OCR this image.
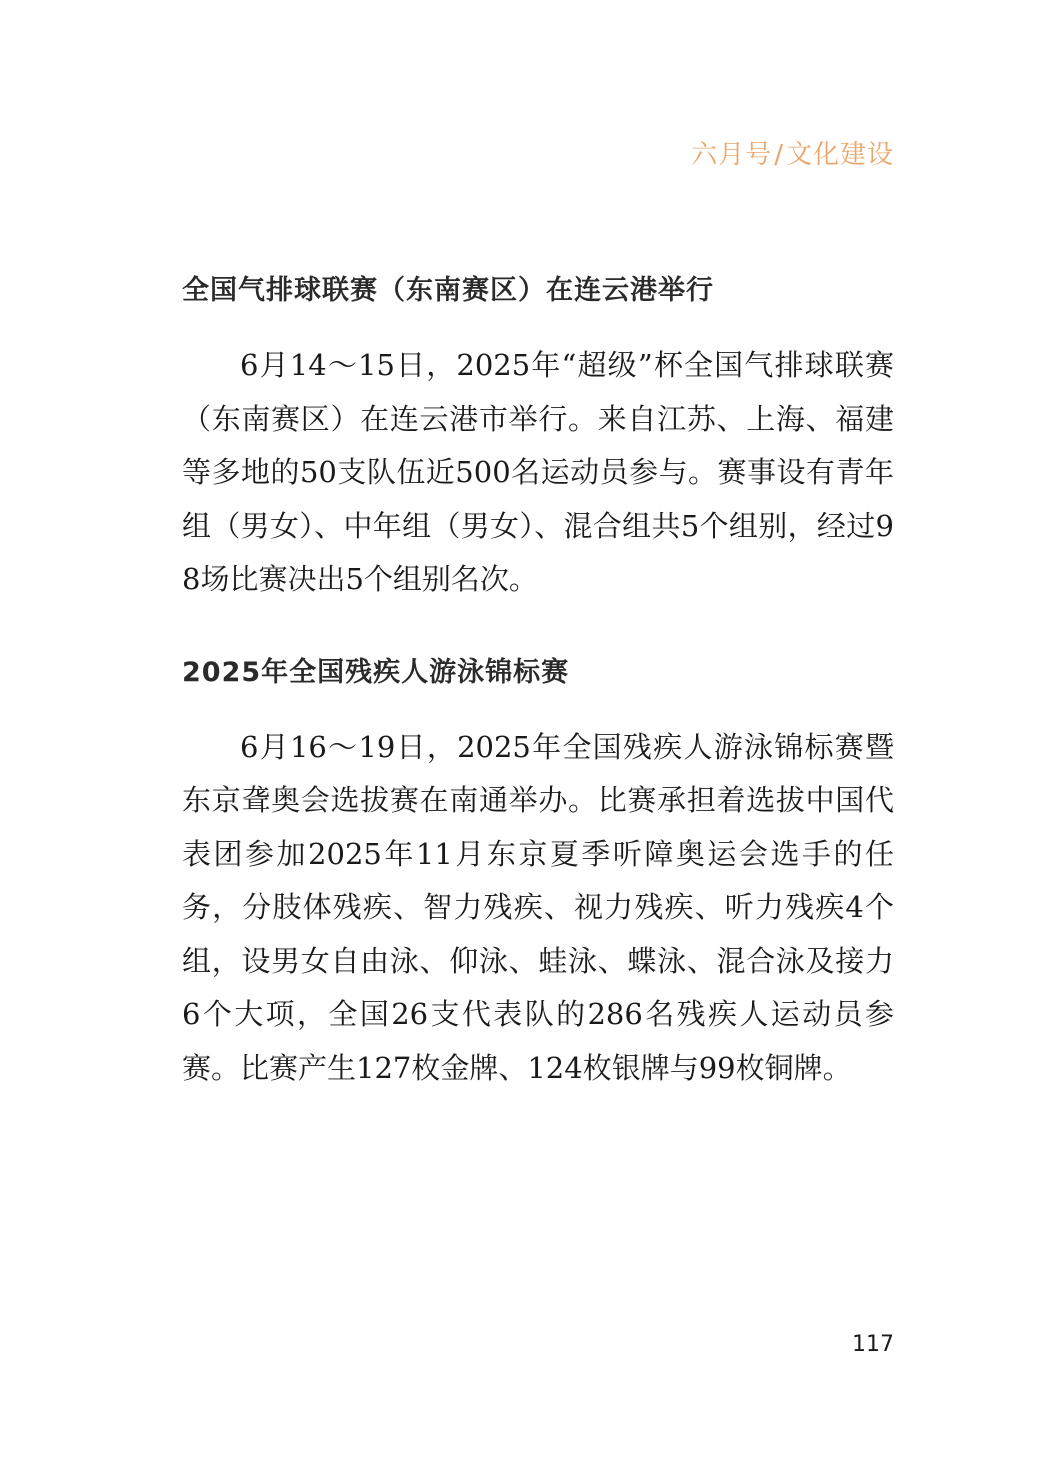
六月号/文化建设
全国气排球联赛（东南赛区）在连云港举行

6月14～15日，2025年“超级”杯全国气排球联赛（东南赛区）在连云港市举行。来自江苏、上海、福建等多地的50支队伍近500名运动员参与。赛事设有青年组（男女）、中年组（男女）、混合组共5个组别，经过98场比赛决出5个组别名次。

2025年全国残疾人游泳锦标赛

6月16～19日，2025年全国残疾人游泳锦标赛暨东京聋奥会选拔赛在南通举办。比赛承担着选拔中国代表团参加2025年11月东京夏季听障奥运会选手的任务，分肢体残疾、智力残疾、视力残疾、听力残疾4个组，设男女自由泳、仰泳、蛙泳、蝶泳、混合泳及接力6个大项，全国26支代表队的286名残疾人运动员参赛。比赛产生127枚金牌、124枚银牌与99枚铜牌。

117
